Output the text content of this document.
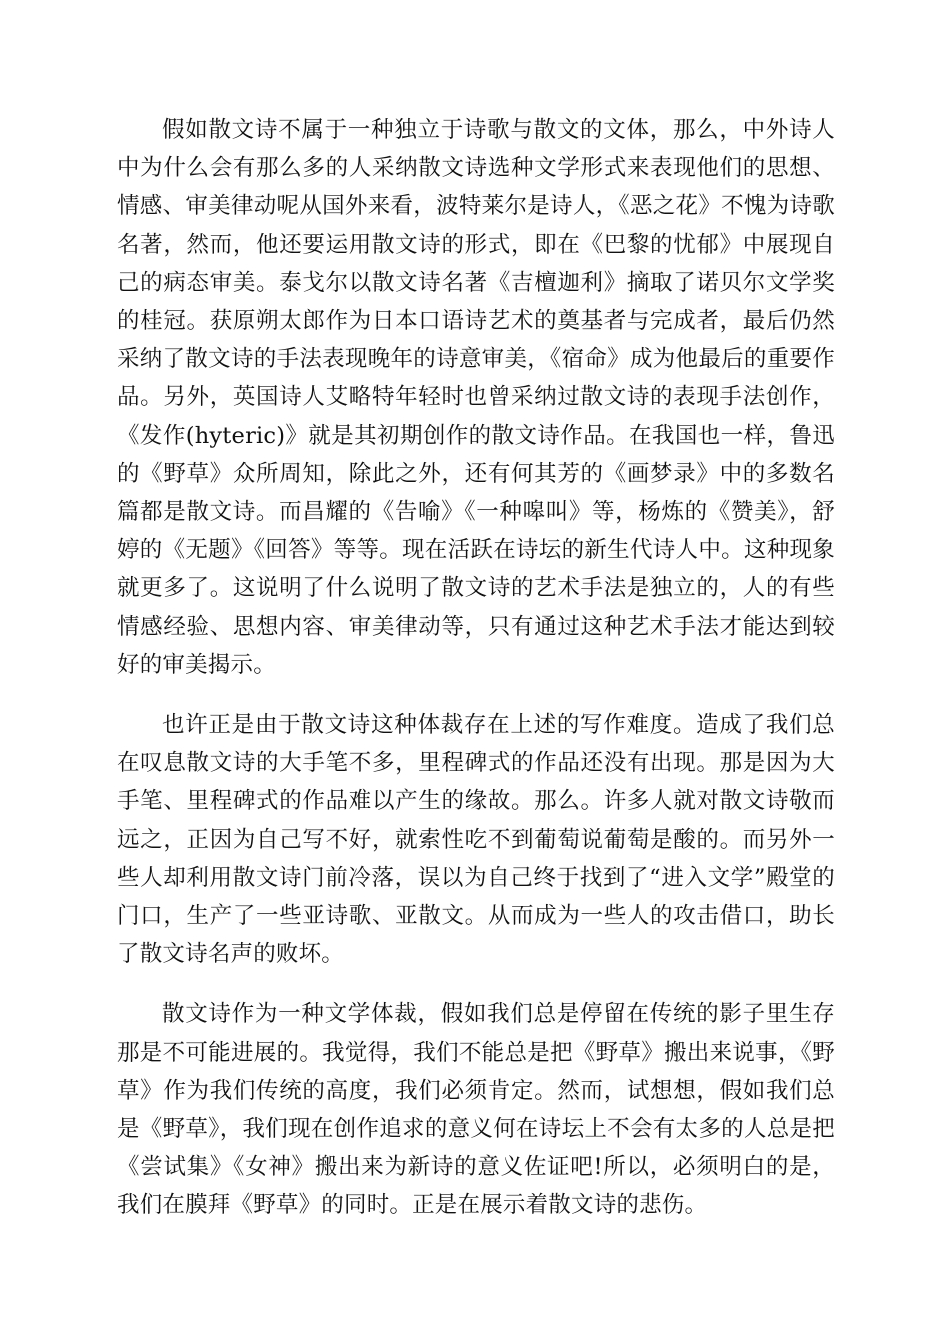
假如散文诗不属于一种独立于诗歌与散文的文体，那么，中外诗人中为什么会有那么多的人采纳散文诗选种文学形式来表现他们的思想、情感、审美律动呢从国外来看，波特莱尔是诗人，《恶之花》不愧为诗歌名著，然而，他还要运用散文诗的形式，即在《巴黎的忧郁》中展现自己的病态审美。泰戈尔以散文诗名著《吉檀迦利》摘取了诺贝尔文学奖的桂冠。获原朔太郎作为日本口语诗艺术的奠基者与完成者，最后仍然采纳了散文诗的手法表现晚年的诗意审美，《宿命》成为他最后的重要作品。另外，英国诗人艾略特年轻时也曾采纳过散文诗的表现手法创作，《发作(hyteric)》就是其初期创作的散文诗作品。在我国也一样，鲁迅的《野草》众所周知，除此之外，还有何其芳的《画梦录》中的多数名篇都是散文诗。而昌耀的《告喻》《一种嗥叫》等，杨炼的《赞美》，舒婷的《无题》《回答》等等。现在活跃在诗坛的新生代诗人中。这种现象就更多了。这说明了什么说明了散文诗的艺术手法是独立的，人的有些情感经验、思想内容、审美律动等，只有通过这种艺术手法才能达到较好的审美揭示。

也许正是由于散文诗这种体裁存在上述的写作难度。造成了我们总在叹息散文诗的大手笔不多，里程碑式的作品还没有出现。那是因为大手笔、里程碑式的作品难以产生的缘故。那么。许多人就对散文诗敬而远之，正因为自己写不好，就索性吃不到葡萄说葡萄是酸的。而另外一些人却利用散文诗门前冷落，误以为自己终于找到了“进入文学”殿堂的门口，生产了一些亚诗歌、亚散文。从而成为一些人的攻击借口，助长了散文诗名声的败坏。

散文诗作为一种文学体裁，假如我们总是停留在传统的影子里生存那是不可能进展的。我觉得，我们不能总是把《野草》搬出来说事，《野草》作为我们传统的高度，我们必须肯定。然而，试想想，假如我们总是《野草》，我们现在创作追求的意义何在诗坛上不会有太多的人总是把《尝试集》《女神》搬出来为新诗的意义佐证吧!所以，必须明白的是，我们在膜拜《野草》的同时。正是在展示着散文诗的悲伤。
